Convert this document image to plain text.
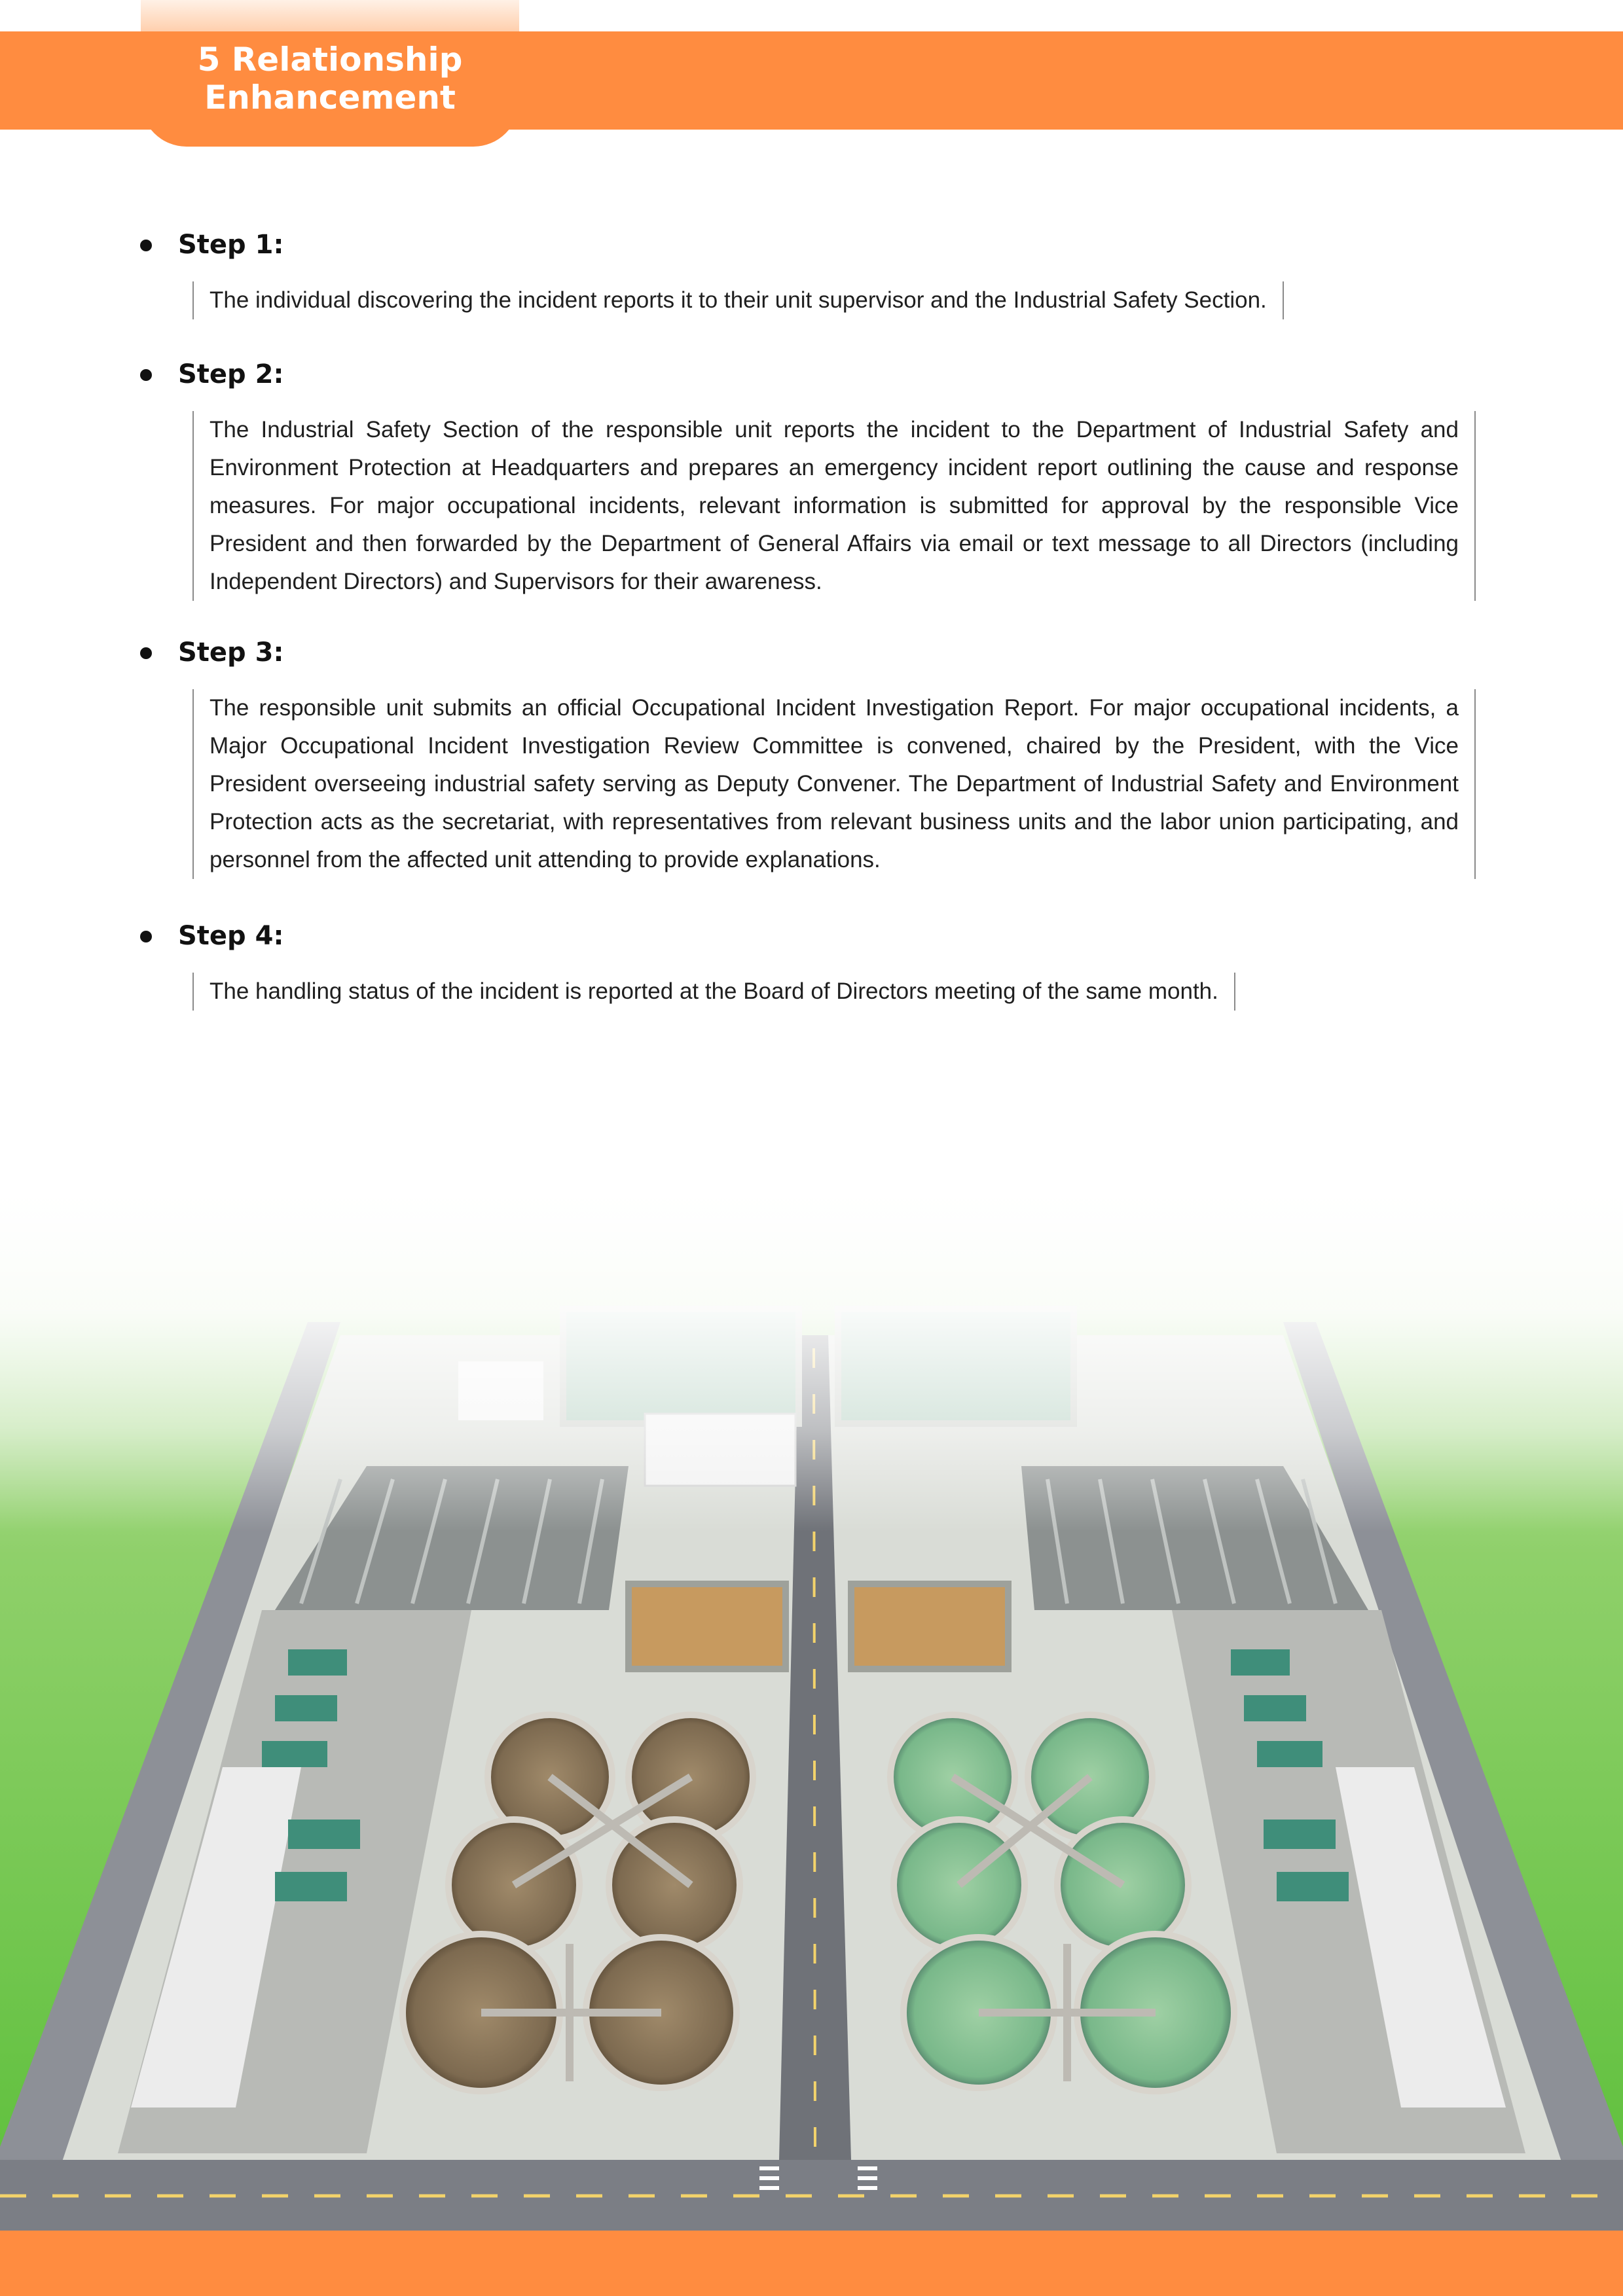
5 Relationship
Enhancement
Step 1:
The individual discovering the incident reports it to their unit supervisor and the Industrial Safety Section.
Step 2:
The Industrial Safety Section of the responsible unit reports the incident to the Department of Industrial Safety and Environment Protection at Headquarters and prepares an emergency incident report outlining the cause and response measures. For major occupational incidents, relevant information is submitted for approval by the responsible Vice President and then forwarded by the Department of General Affairs via email or text message to all Directors (including Independent Directors) and Supervisors for their awareness.
Step 3:
The responsible unit submits an official Occupational Incident Investigation Report. For major occupational incidents, a Major Occupational Incident Investigation Review Committee is convened, chaired by the President, with the Vice President overseeing industrial safety serving as Deputy Convener. The Department of Industrial Safety and Environment Protection acts as the secretariat, with representatives from relevant business units and the labor union participating, and personnel from the affected unit attending to provide explanations.
Step 4:
The handling status of the incident is reported at the Board of Directors meeting of the same month.
